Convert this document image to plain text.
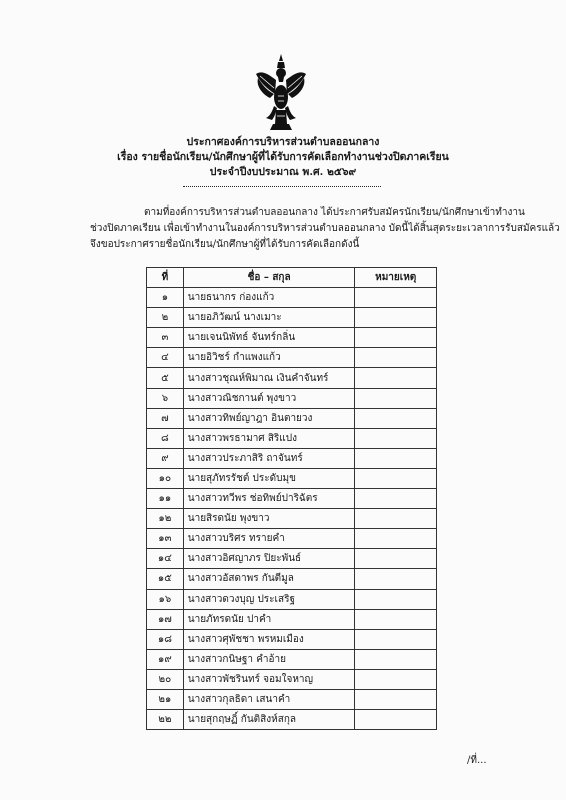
ประกาศองค์การบริหารส่วนตำบลออนกลาง
เรื่อง รายชื่อนักเรียน/นักศึกษาผู้ที่ได้รับการคัดเลือกทำงานช่วงปิดภาคเรียน
ประจำปีงบประมาณ พ.ศ. ๒๕๖๙
ตามที่องค์การบริหารส่วนตำบลออนกลาง ได้ประกาศรับสมัครนักเรียน/นักศึกษาเข้าทำงาน
ช่วงปิดภาคเรียน เพื่อเข้าทำงานในองค์การบริหารส่วนตำบลออนกลาง บัดนี้ได้สิ้นสุดระยะเวลาการรับสมัครแล้ว
จึงขอประกาศรายชื่อนักเรียน/นักศึกษาผู้ที่ได้รับการคัดเลือกดังนี้
ที่	ชื่อ – สกุล	หมายเหตุ
๑	นายธนากร ก่องแก้ว	
๒	นายอภิวัฒน์ นางเมาะ	
๓	นายเจนนิพัทธ์ จันทร์กลิ่น	
๔	นายอิวิชร์ กำแพงแก้ว	
๕	นางสาวชุณห์พิมาณ เงินคำจันทร์	
๖	นางสาวณิชกานต์ พุงขาว	
๗	นางสาวทิพย์ญาฎา อินตายวง	
๘	นางสาวพรธามาศ สิริแปง	
๙	นางสาวประภาสิริ ถาจันทร์	
๑๐	นายสุภัทรรัชต์ ประดับมุข	
๑๑	นางสาวทวีพร ช่อทิพย์ปาริฉัตร	
๑๒	นายสิรดนัย พุงขาว	
๑๓	นางสาวบริศร ทรายคำ	
๑๔	นางสาวอิศญาภร ปิยะพันธ์	
๑๕	นางสาวอัสดาพร กันตีมูล	
๑๖	นางสาวดวงบุญ ประเสริฐ	
๑๗	นายภัทรดนัย ปาคำ	
๑๘	นางสาวศุพัชชา พรหมเมือง	
๑๙	นางสาวกนิษฐา คำอ้าย	
๒๐	นางสาวพัชรินทร์ จอมใจหาญ	
๒๑	นางสาวกุลธิดา เสนาคำ	
๒๒	นายสุกฤษฏิ์ กันติสิงห์สกุล	
/ที่...
